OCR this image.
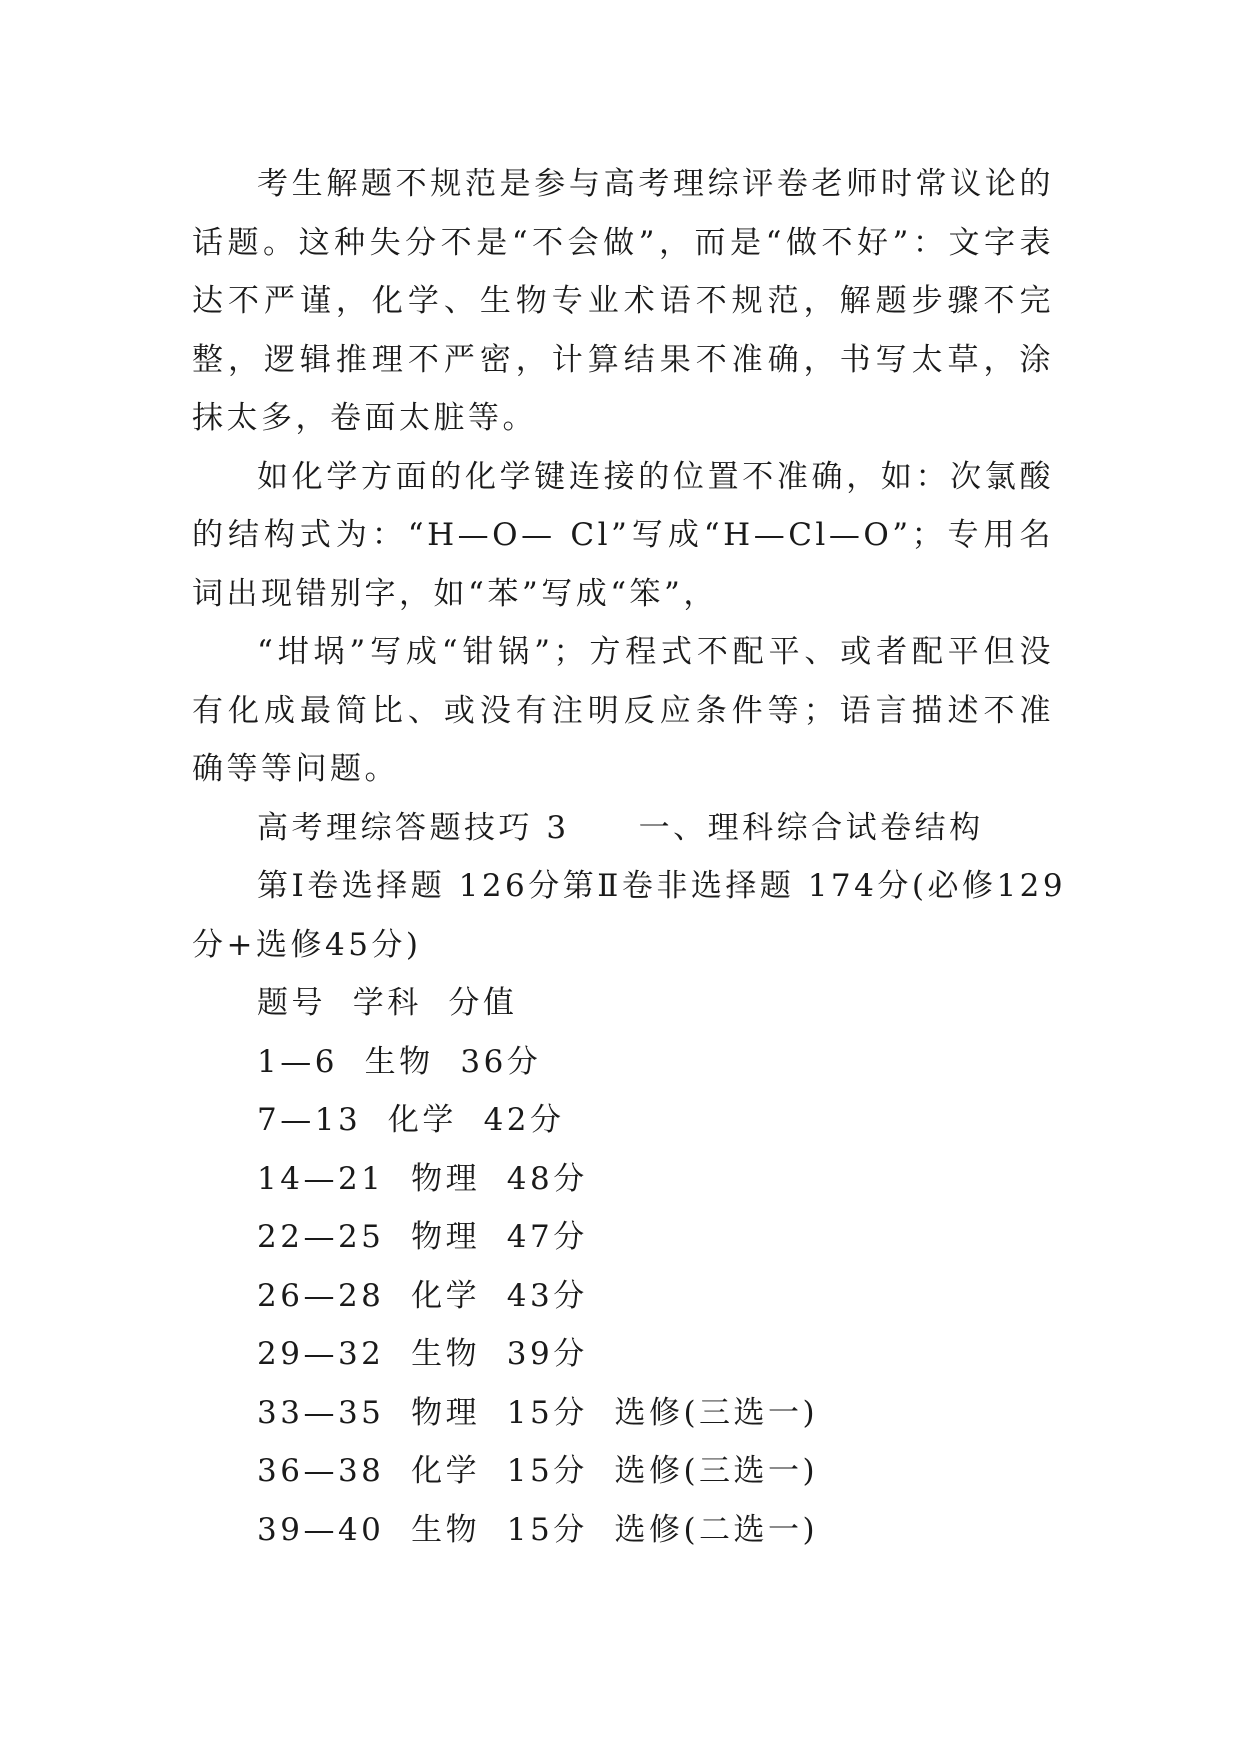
考生解题不规范是参与高考理综评卷老师时常议论的话题。这种失分不是“不会做”，而是“做不好”：文字表达不严谨，化学、生物专业术语不规范，解题步骤不完整，逻辑推理不严密，计算结果不准确，书写太草，涂抹太多，卷面太脏等。

如化学方面的化学键连接的位置不准确，如：次氯酸的结构式为：“H—O— Cl”写成“H—Cl—O”；专用名词出现错别字，如“苯”写成“笨”，

“坩埚”写成“钳锅”；方程式不配平、或者配平但没有化成最简比、或没有注明反应条件等；语言描述不准确等等问题。

高考理综答题技巧 3　　一、理科综合试卷结构

第Ⅰ卷选择题 126分第Ⅱ卷非选择题 174分(必修129

分+选修45分)

题号  学科  分值

1—6  生物  36分

7—13  化学  42分

14—21  物理  48分

22—25  物理  47分

26—28  化学  43分

29—32  生物  39分

33—35  物理  15分  选修(三选一)

36—38  化学  15分  选修(三选一)

39—40  生物  15分  选修(二选一)
